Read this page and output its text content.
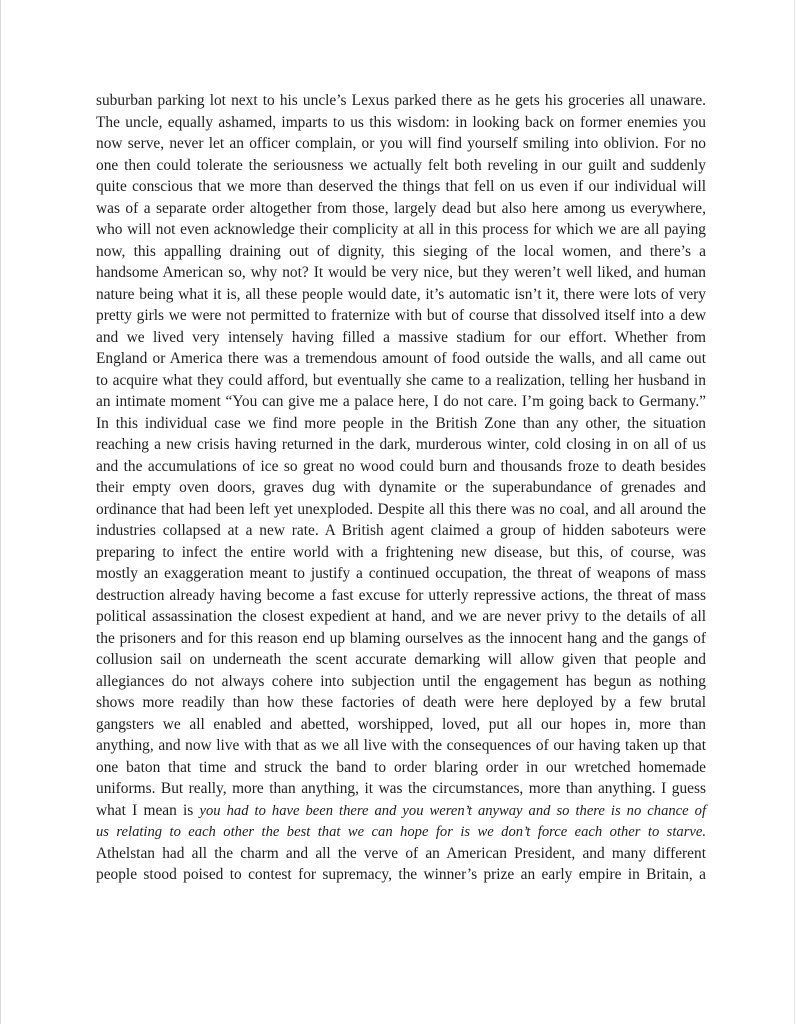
suburban parking lot next to his uncle’s Lexus parked there as he gets his groceries all unaware.
The uncle, equally ashamed, imparts to us this wisdom: in looking back on former enemies you
now serve, never let an officer complain, or you will find yourself smiling into oblivion. For no
one then could tolerate the seriousness we actually felt both reveling in our guilt and suddenly
quite conscious that we more than deserved the things that fell on us even if our individual will
was of a separate order altogether from those, largely dead but also here among us everywhere,
who will not even acknowledge their complicity at all in this process for which we are all paying
now, this appalling draining out of dignity, this sieging of the local women, and there’s a
handsome American so, why not? It would be very nice, but they weren’t well liked, and human
nature being what it is, all these people would date, it’s automatic isn’t it, there were lots of very
pretty girls we were not permitted to fraternize with but of course that dissolved itself into a dew
and we lived very intensely having filled a massive stadium for our effort. Whether from
England or America there was a tremendous amount of food outside the walls, and all came out
to acquire what they could afford, but eventually she came to a realization, telling her husband in
an intimate moment “You can give me a palace here, I do not care. I’m going back to Germany.”
In this individual case we find more people in the British Zone than any other, the situation
reaching a new crisis having returned in the dark, murderous winter, cold closing in on all of us
and the accumulations of ice so great no wood could burn and thousands froze to death besides
their empty oven doors, graves dug with dynamite or the superabundance of grenades and
ordinance that had been left yet unexploded. Despite all this there was no coal, and all around the
industries collapsed at a new rate. A British agent claimed a group of hidden saboteurs were
preparing to infect the entire world with a frightening new disease, but this, of course, was
mostly an exaggeration meant to justify a continued occupation, the threat of weapons of mass
destruction already having become a fast excuse for utterly repressive actions, the threat of mass
political assassination the closest expedient at hand, and we are never privy to the details of all
the prisoners and for this reason end up blaming ourselves as the innocent hang and the gangs of
collusion sail on underneath the scent accurate demarking will allow given that people and
allegiances do not always cohere into subjection until the engagement has begun as nothing
shows more readily than how these factories of death were here deployed by a few brutal
gangsters we all enabled and abetted, worshipped, loved, put all our hopes in, more than
anything, and now live with that as we all live with the consequences of our having taken up that
one baton that time and struck the band to order blaring order in our wretched homemade
uniforms. But really, more than anything, it was the circumstances, more than anything. I guess
what I mean is you had to have been there and you weren’t anyway and so there is no chance of
us relating to each other the best that we can hope for is we don’t force each other to starve.
Athelstan had all the charm and all the verve of an American President, and many different
people stood poised to contest for supremacy, the winner’s prize an early empire in Britain, a
